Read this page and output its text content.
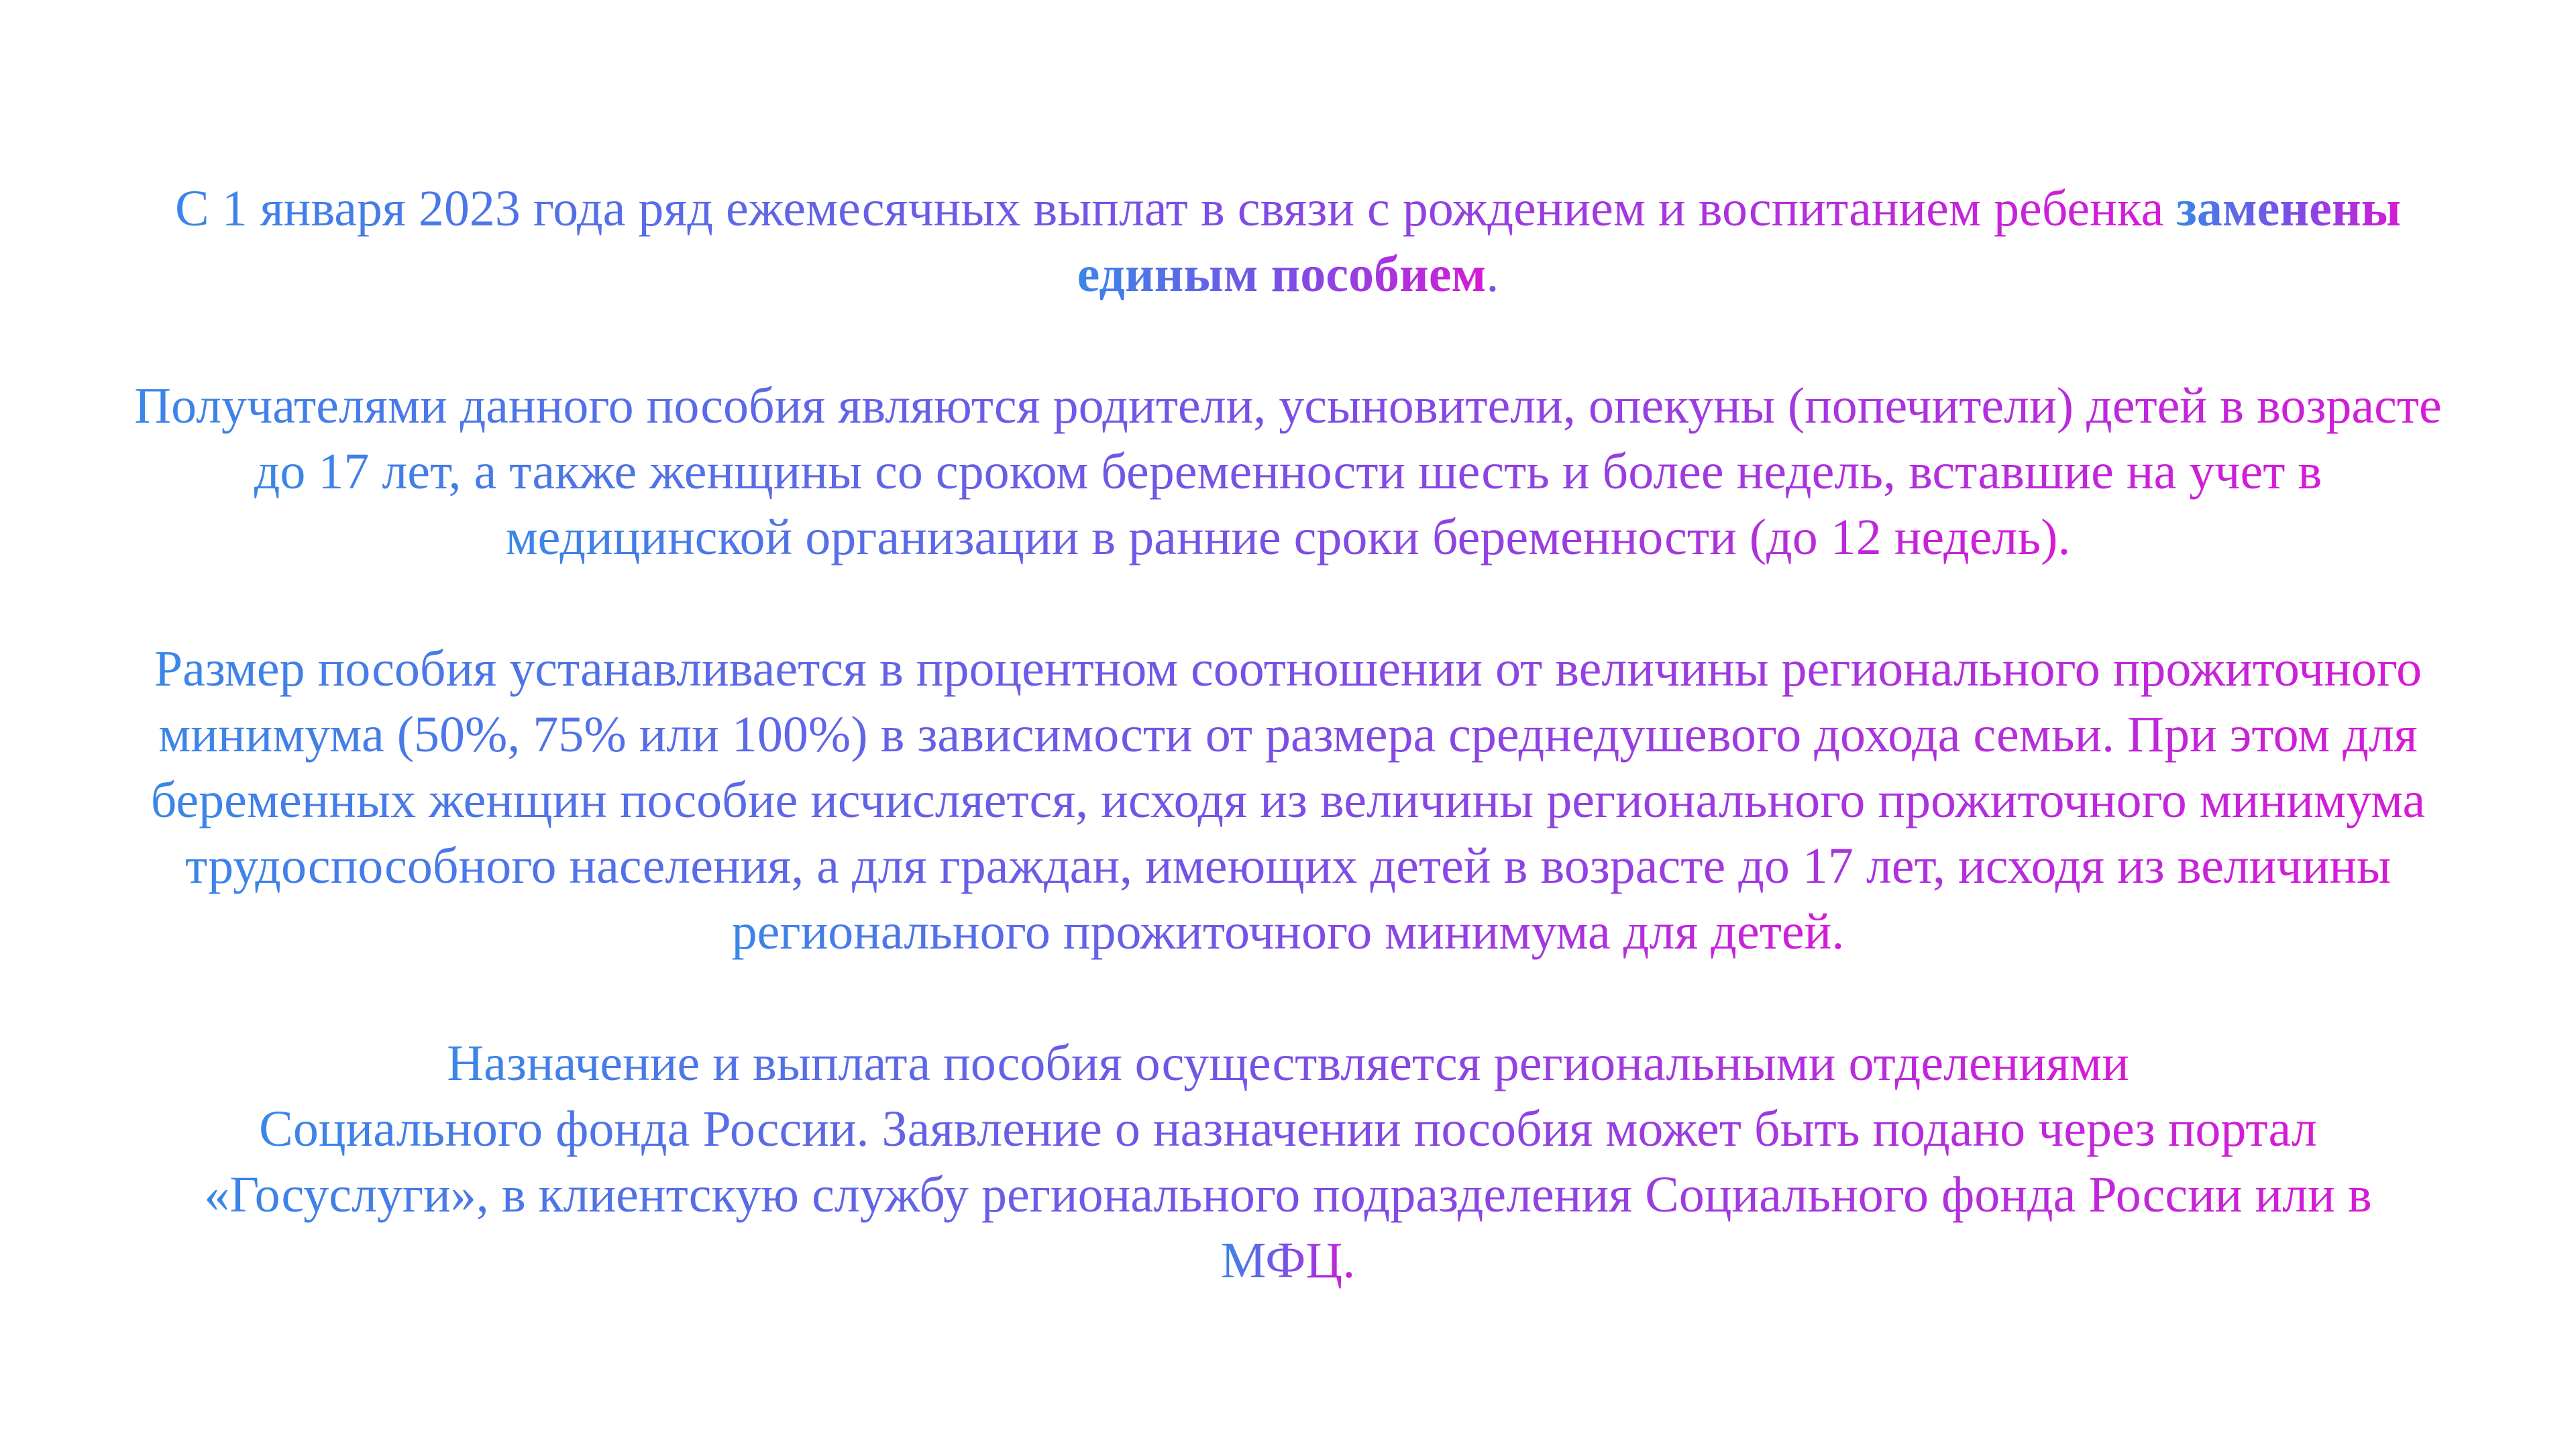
С 1 января 2023 года ряд ежемесячных выплат в связи с рождением и воспитанием ребенка заменены единым пособием.

Получателями данного пособия являются родители, усыновители, опекуны (попечители) детей в возрасте до 17 лет, а также женщины со сроком беременности шесть и более недель, вставшие на учет в медицинской организации в ранние сроки беременности (до 12 недель).

Размер пособия устанавливается в процентном соотношении от величины регионального прожиточного минимума (50%, 75% или 100%) в зависимости от размера среднедушевого дохода семьи. При этом для беременных женщин пособие исчисляется, исходя из величины регионального прожиточного минимума трудоспособного населения, а для граждан, имеющих детей в возрасте до 17 лет, исходя из величины регионального прожиточного минимума для детей.

Назначение и выплата пособия осуществляется региональными отделениями
Социального фонда России. Заявление о назначении пособия может быть подано через портал «Госуслуги», в клиентскую службу регионального подразделения Социального фонда России или в МФЦ.
